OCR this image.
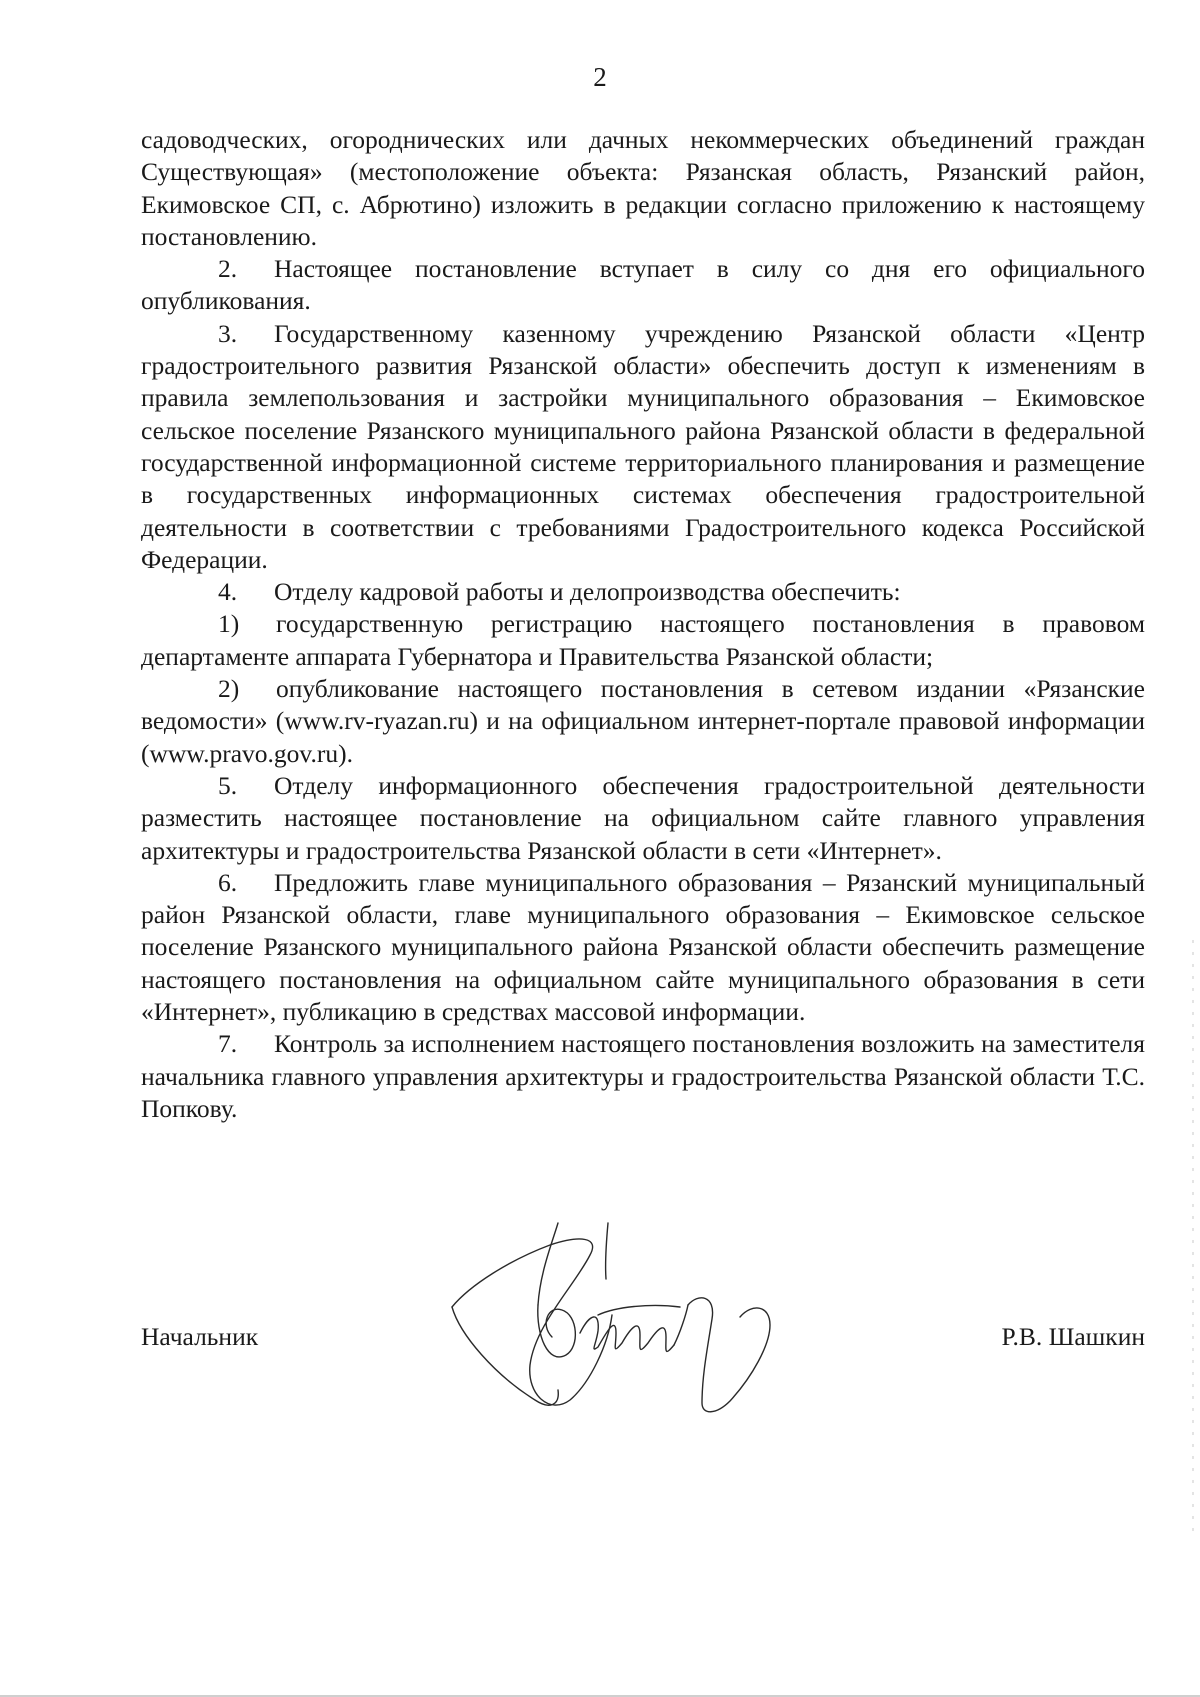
2

садоводческих, огороднических или дачных некоммерческих объединений граждан Существующая» (местоположение объекта: Рязанская область, Рязанский район, Екимовское СП, с. Абрютино) изложить в редакции согласно приложению к настоящему постановлению.

2. Настоящее постановление вступает в силу со дня его официального опубликования.

3. Государственному казенному учреждению Рязанской области «Центр градостроительного развития Рязанской области» обеспечить доступ к изменениям в правила землепользования и застройки муниципального образования – Екимовское сельское поселение Рязанского муниципального района Рязанской области в федеральной государственной информационной системе территориального планирования и размещение в государственных информационных системах обеспечения градостроительной деятельности в соответствии с требованиями Градостроительного кодекса Российской Федерации.

4. Отделу кадровой работы и делопроизводства обеспечить:

1) государственную регистрацию настоящего постановления в правовом департаменте аппарата Губернатора и Правительства Рязанской области;

2) опубликование настоящего постановления в сетевом издании «Рязанские ведомости» (www.rv-ryazan.ru) и на официальном интернет-портале правовой информации (www.pravo.gov.ru).

5. Отделу информационного обеспечения градостроительной деятельности разместить настоящее постановление на официальном сайте главного управления архитектуры и градостроительства Рязанской области в сети «Интернет».

6. Предложить главе муниципального образования – Рязанский муниципальный район Рязанской области, главе муниципального образования – Екимовское сельское поселение Рязанского муниципального района Рязанской области обеспечить размещение настоящего постановления на официальном сайте муниципального образования в сети «Интернет», публикацию в средствах массовой информации.

7. Контроль за исполнением настоящего постановления возложить на заместителя начальника главного управления архитектуры и градостроительства Рязанской области Т.С. Попкову.

Начальник	Р.В. Шашкин
